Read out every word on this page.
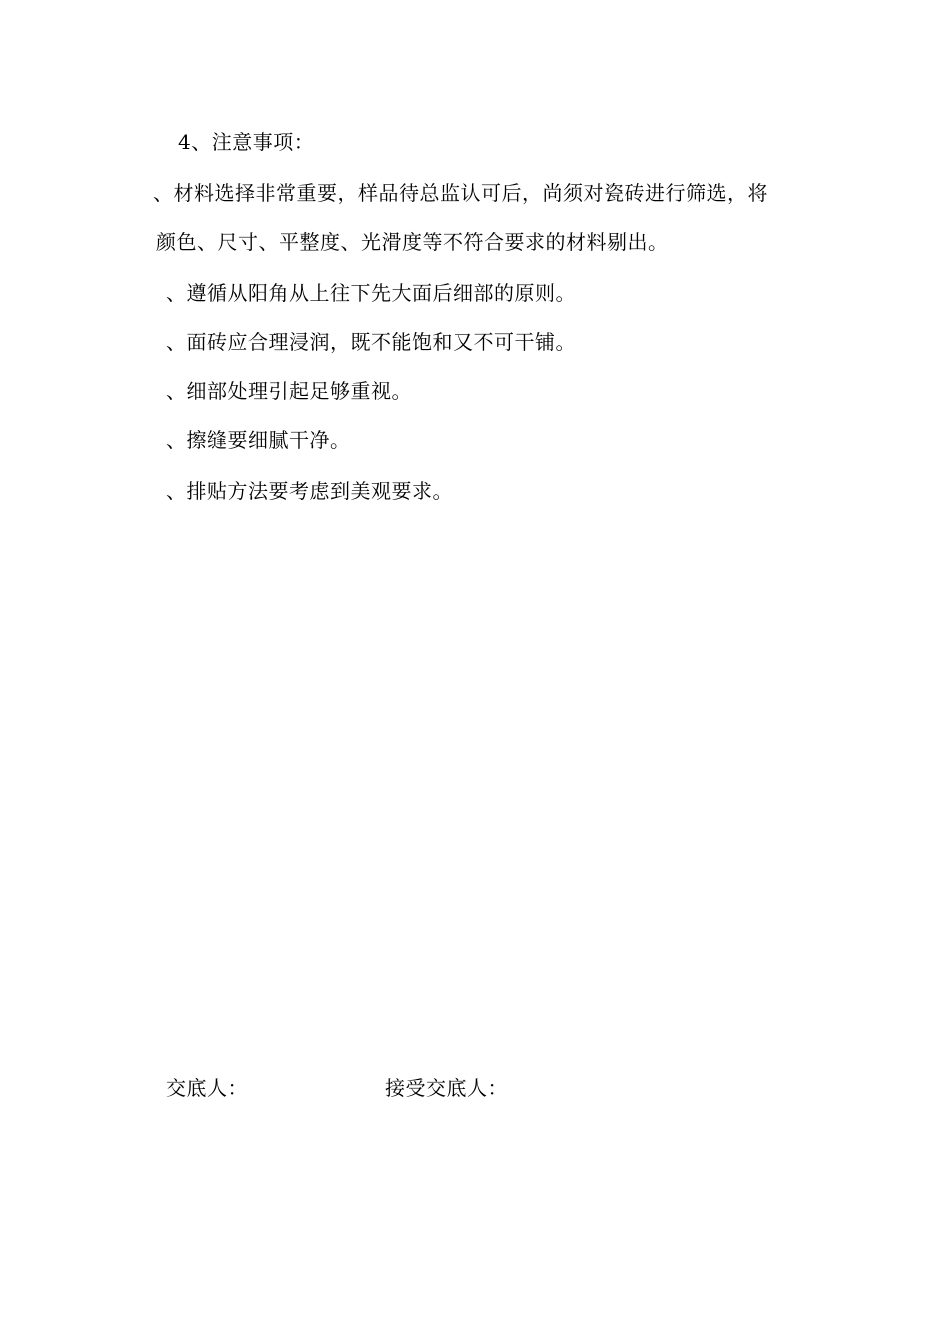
4、注意事项：
、材料选择非常重要，样品待总监认可后，尚须对瓷砖进行筛选，将
颜色、尺寸、平整度、光滑度等不符合要求的材料剔出。
、遵循从阳角从上往下先大面后细部的原则。
、面砖应合理浸润，既不能饱和又不可干铺。
、细部处理引起足够重视。
、擦缝要细腻干净。
、排贴方法要考虑到美观要求。
交底人：	接受交底人：
